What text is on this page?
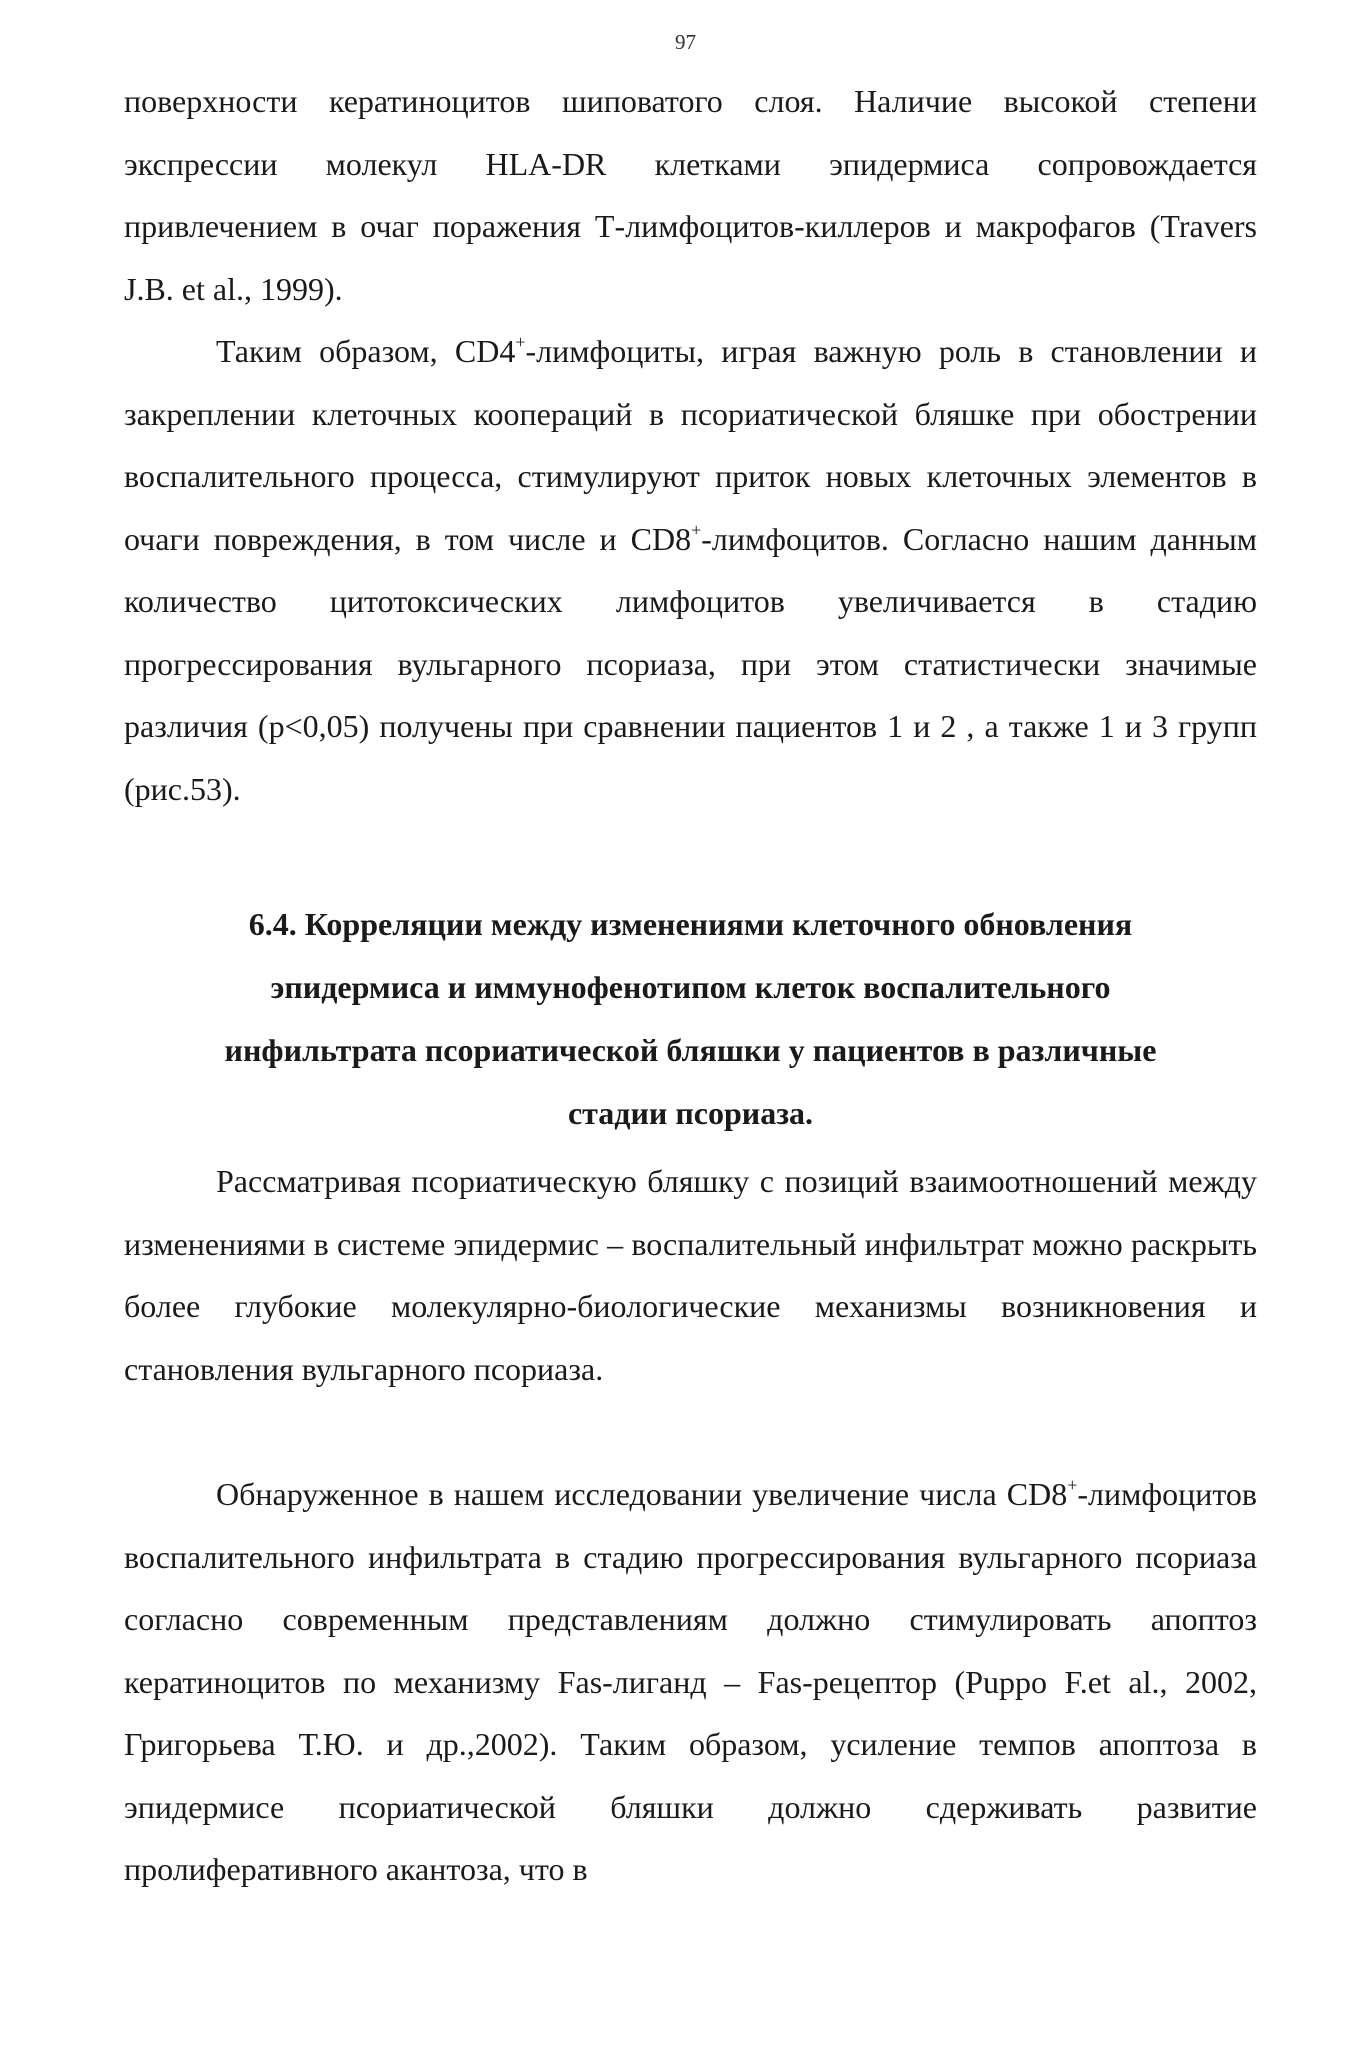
97

поверхности кератиноцитов шиповатого слоя. Наличие высокой степени экспрессии молекул HLA-DR клетками эпидермиса сопровождается привлечением в очаг поражения Т-лимфоцитов-киллеров и макрофагов (Travers J.B. et al., 1999).

Таким образом, CD4+-лимфоциты, играя важную роль в становлении и закреплении клеточных коопераций в псориатической бляшке при обострении воспалительного процесса, стимулируют приток новых клеточных элементов в очаги повреждения, в том числе и CD8+-лимфоцитов. Согласно нашим данным количество цитотоксических лимфоцитов увеличивается в стадию прогрессирования вульгарного псориаза, при этом статистически значимые различия (р<0,05) получены при сравнении пациентов 1 и 2 , а также 1 и 3 групп (рис.53).

6.4. Корреляции между изменениями клеточного обновления
эпидермиса и иммунофенотипом клеток воспалительного
инфильтрата псориатической бляшки у пациентов в различные
стадии псориаза.

Рассматривая псориатическую бляшку с позиций взаимоотношений между изменениями в системе эпидермис – воспалительный инфильтрат можно раскрыть более глубокие молекулярно-биологические механизмы возникновения и становления вульгарного псориаза.

Обнаруженное в нашем исследовании увеличение числа CD8+-лимфоцитов воспалительного инфильтрата в стадию прогрессирования вульгарного псориаза согласно современным представлениям должно стимулировать апоптоз кератиноцитов по механизму Fas-лиганд – Fas-рецептор (Puppo F.et al., 2002, Григорьева Т.Ю. и др.,2002). Таким образом, усиление темпов апоптоза в эпидермисе псориатической бляшки должно сдерживать развитие пролиферативного акантоза, что в
